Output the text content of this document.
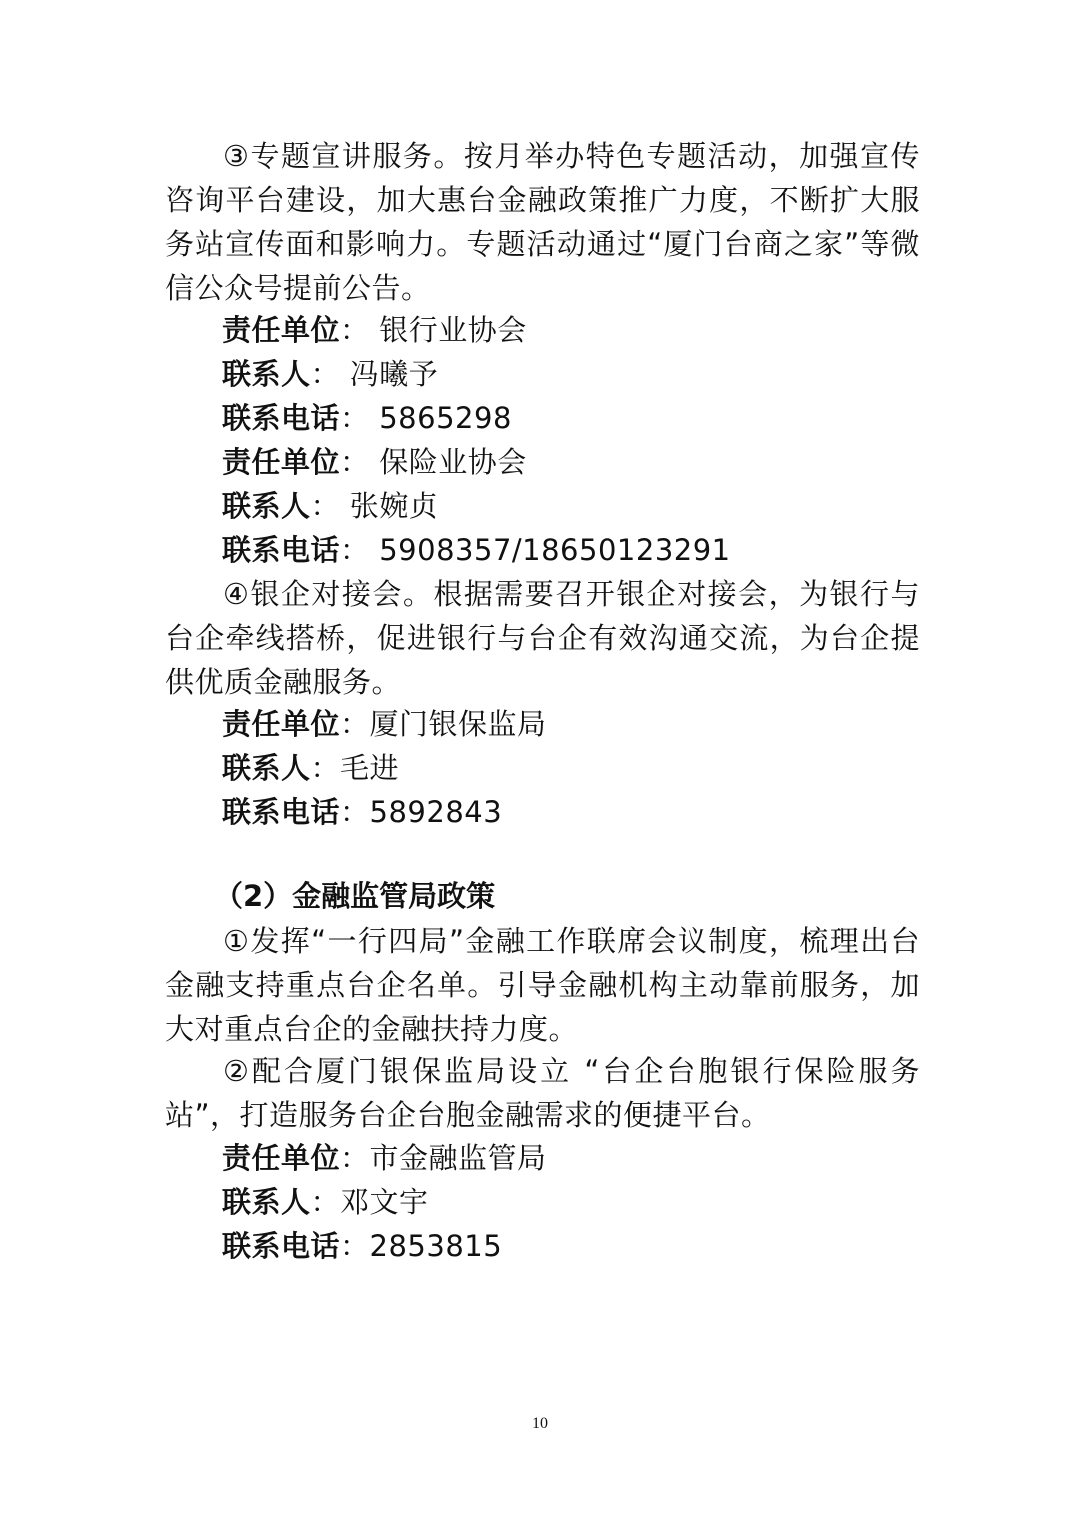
③专题宣讲服务。按月举办特色专题活动，加强宣传咨询平台建设，加大惠台金融政策推广力度，不断扩大服务站宣传面和影响力。专题活动通过“厦门台商之家”等微信公众号提前公告。

责任单位： 银行业协会
联系人： 冯曦予
联系电话： 5865298
责任单位： 保险业协会
联系人： 张婉贞
联系电话： 5908357/18650123291

④银企对接会。根据需要召开银企对接会，为银行与台企牵线搭桥，促进银行与台企有效沟通交流，为台企提供优质金融服务。

责任单位：厦门银保监局
联系人：毛进
联系电话：5892843
（2）金融监管局政策

①发挥“一行四局”金融工作联席会议制度，梳理出台金融支持重点台企名单。引导金融机构主动靠前服务，加大对重点台企的金融扶持力度。

②配合厦门银保监局设立 “台企台胞银行保险服务站”，打造服务台企台胞金融需求的便捷平台。

责任单位：市金融监管局
联系人：邓文宇
联系电话：2853815
10
